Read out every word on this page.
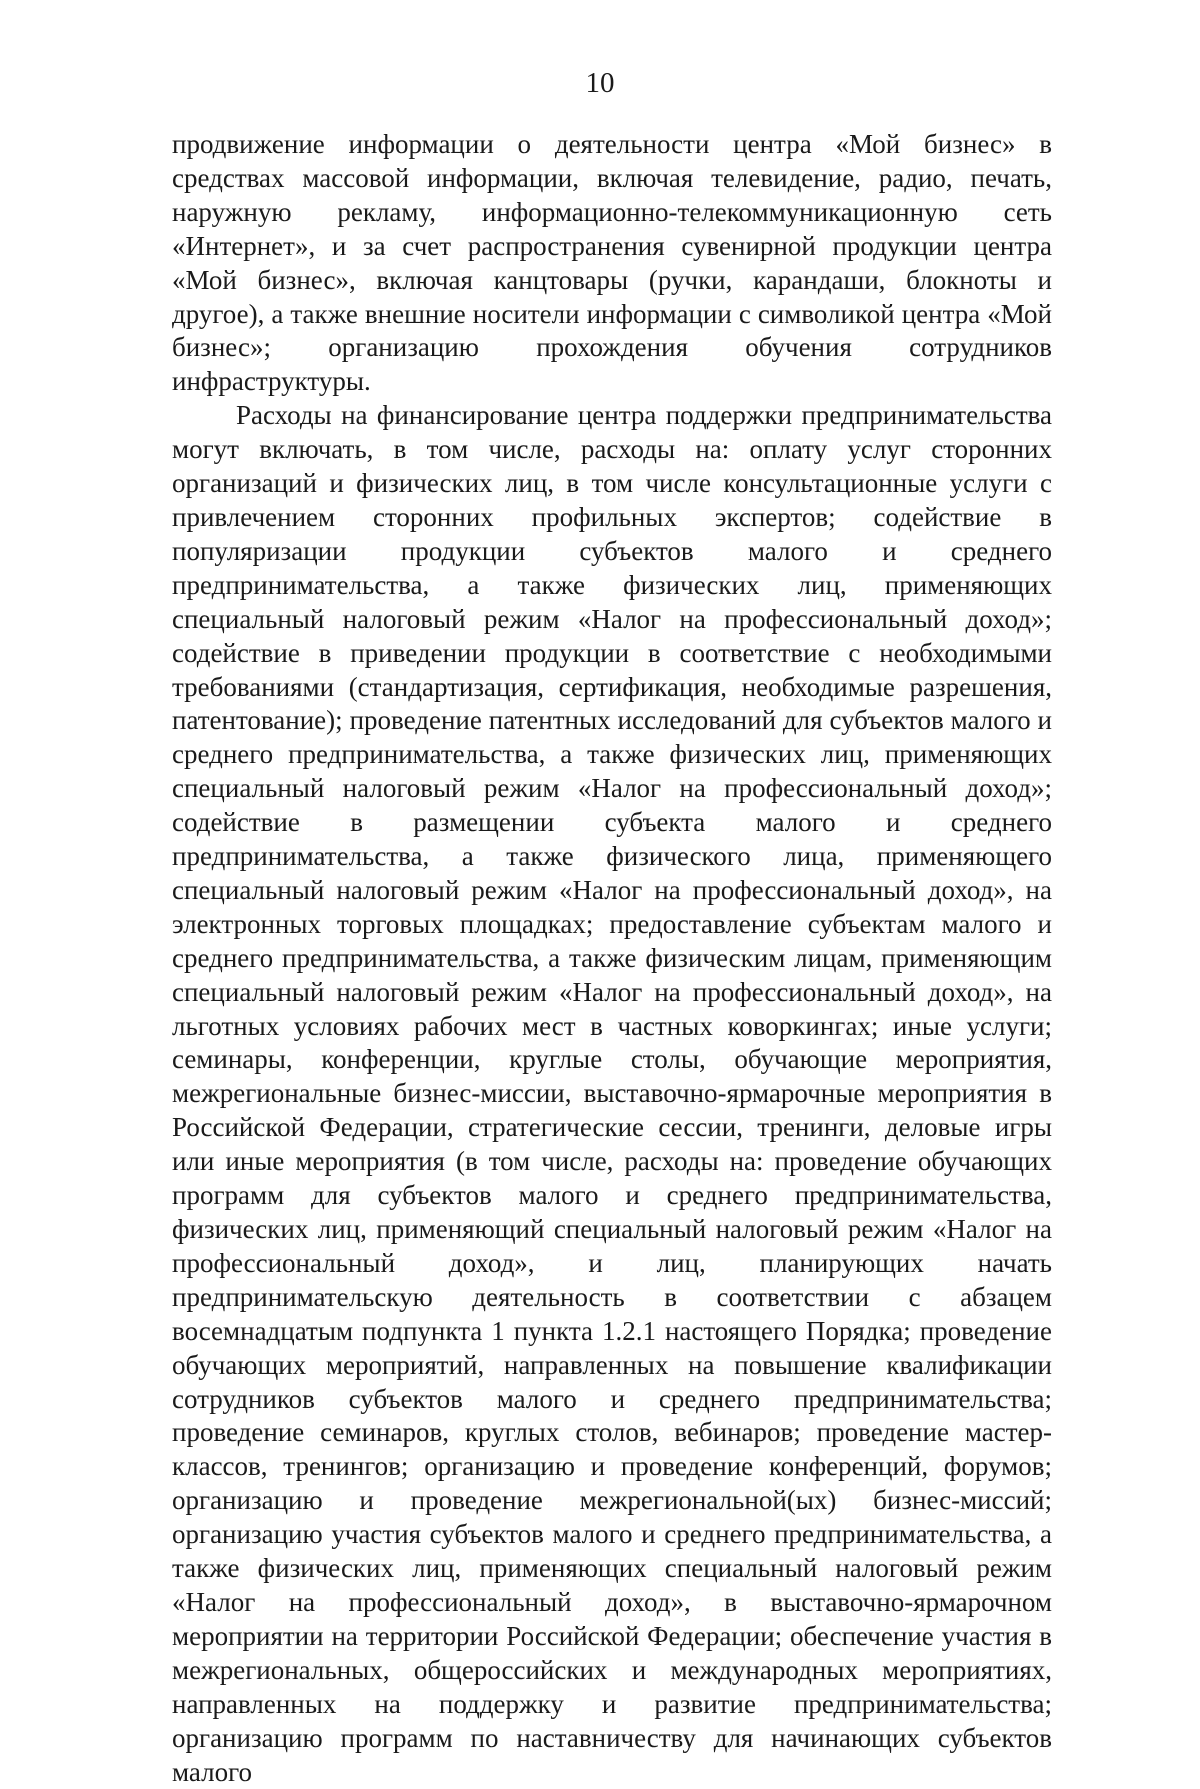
10

продвижение информации о деятельности центра «Мой бизнес» в средствах массовой информации, включая телевидение, радио, печать, наружную рекламу, информационно-телекоммуникационную сеть «Интернет», и за счет распространения сувенирной продукции центра «Мой бизнес», включая канцтовары (ручки, карандаши, блокноты и другое), а также внешние носители информации с символикой центра «Мой бизнес»; организацию прохождения обучения сотрудников инфраструктуры.

Расходы на финансирование центра поддержки предпринимательства могут включать, в том числе, расходы на: оплату услуг сторонних организаций и физических лиц, в том числе консультационные услуги с привлечением сторонних профильных экспертов; содействие в популяризации продукции субъектов малого и среднего предпринимательства, а также физических лиц, применяющих специальный налоговый режим «Налог на профессиональный доход»; содействие в приведении продукции в соответствие с необходимыми требованиями (стандартизация, сертификация, необходимые разрешения, патентование); проведение патентных исследований для субъектов малого и среднего предпринимательства, а также физических лиц, применяющих специальный налоговый режим «Налог на профессиональный доход»; содействие в размещении субъекта малого и среднего предпринимательства, а также физического лица, применяющего специальный налоговый режим «Налог на профессиональный доход», на электронных торговых площадках; предоставление субъектам малого и среднего предпринимательства, а также физическим лицам, применяющим специальный налоговый режим «Налог на профессиональный доход», на льготных условиях рабочих мест в частных коворкингах; иные услуги; семинары, конференции, круглые столы, обучающие мероприятия, межрегиональные бизнес-миссии, выставочно-ярмарочные мероприятия в Российской Федерации, стратегические сессии, тренинги, деловые игры или иные мероприятия (в том числе, расходы на: проведение обучающих программ для субъектов малого и среднего предпринимательства, физических лиц, применяющий специальный налоговый режим «Налог на профессиональный доход», и лиц, планирующих начать предпринимательскую деятельность в соответствии с абзацем восемнадцатым подпункта 1 пункта 1.2.1 настоящего Порядка; проведение обучающих мероприятий, направленных на повышение квалификации сотрудников субъектов малого и среднего предпринимательства; проведение семинаров, круглых столов, вебинаров; проведение мастер-классов, тренингов; организацию и проведение конференций, форумов; организацию и проведение межрегиональной(ых) бизнес-миссий; организацию участия субъектов малого и среднего предпринимательства, а также физических лиц, применяющих специальный налоговый режим «Налог на профессиональный доход», в выставочно-ярмарочном мероприятии на территории Российской Федерации; обеспечение участия в межрегиональных, общероссийских и международных мероприятиях, направленных на поддержку и развитие предпринимательства; организацию программ по наставничеству для начинающих субъектов малого
